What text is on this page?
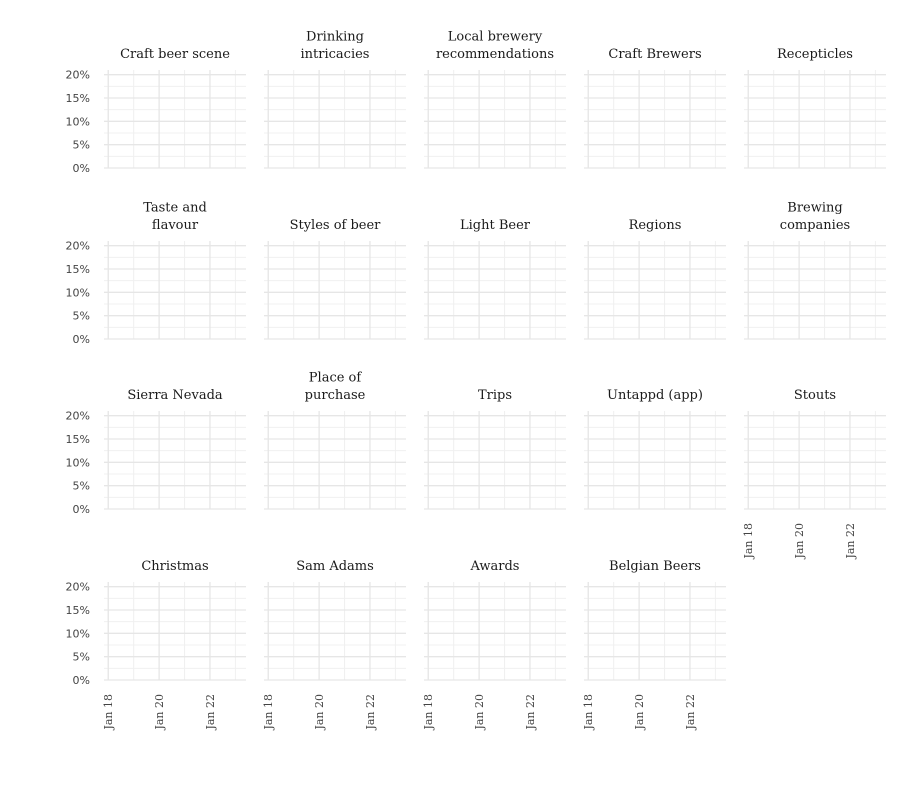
Craft beer scene
0%
5%
10%
15%
20%
Drinking intricacies
Local brewery recommendations	Craft Brewers	Recepticles
Taste and flavour
0%
5%
10%
15%
20%
Styles of beer	Light Beer	Regions
Brewing companies
Sierra Nevada
0%
5%
10%
15%
20%
Place of purchase	Trips	Untappd (app)	Stouts
Jan 18	Jan 20	Jan 22
Christmas
0%
5%
10%
15%
20%
Jan 18	Jan 20	Jan 22
Sam Adams
Jan 18	Jan 20	Jan 22
Awards
Jan 18	Jan 20	Jan 22
Belgian Beers
Jan 18	Jan 20	Jan 22
